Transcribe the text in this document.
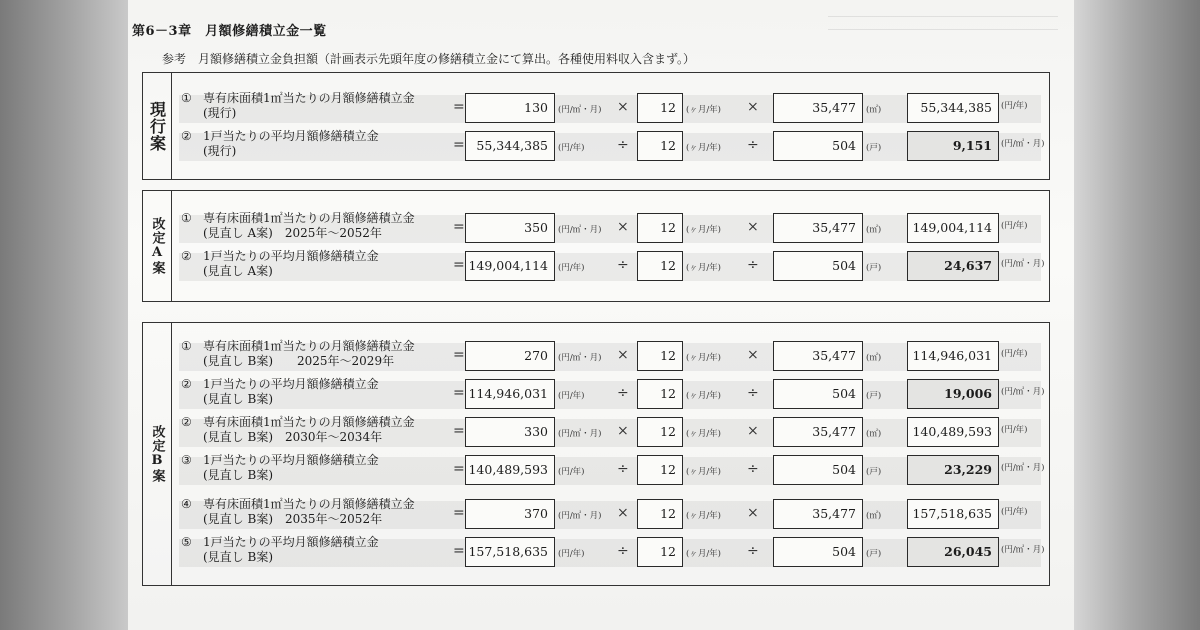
第6－3章　月額修繕積立金一覧
参考　月額修繕積立金負担額（計画表示先頭年度の修繕積立金にて算出。各種使用料収入含まず。）
現行案
① 専有床面積1㎡当たりの月額修繕積立金
(現行)	=	130	(円/㎡・月) ×	12	(ヶ月/年) ×	35,477	(㎡)	55,344,385	(円/年)
② 1戸当たりの平均月額修繕積立金
(現行)	= 55,344,385	(円/年) ÷	12	(ヶ月/年) ÷	504	(戸)	9,151	(円/㎡・月)
改定A案 ① 専有床面積1㎡当たりの月額修繕積立金
(見直し A案)　2025年～2052年	=	350	(円/㎡・月) ×	12	(ヶ月/年) ×	35,477	(㎡)	149,004,114	(円/年)
② 1戸当たりの平均月額修繕積立金
(見直し A案)	= 149,004,114	(円/年) ÷	12	(ヶ月/年) ÷	504	(戸)	24,637	(円/㎡・月)
改定B案
① 専有床面積1㎡当たりの月額修繕積立金
(見直し B案)　　2025年～2029年	=	270	(円/㎡・月) ×	12	(ヶ月/年) ×	35,477	(㎡)	114,946,031	(円/年)
② 1戸当たりの平均月額修繕積立金
(見直し B案)	= 114,946,031	(円/年) ÷	12	(ヶ月/年) ÷	504	(戸)	19,006	(円/㎡・月)
② 専有床面積1㎡当たりの月額修繕積立金
(見直し B案)　2030年～2034年	=	330	(円/㎡・月) ×	12	(ヶ月/年) ×	35,477	(㎡)	140,489,593	(円/年)
③ 1戸当たりの平均月額修繕積立金
(見直し B案)	= 140,489,593	(円/年) ÷	12	(ヶ月/年) ÷	504	(戸)	23,229	(円/㎡・月)
④ 専有床面積1㎡当たりの月額修繕積立金
(見直し B案)　2035年～2052年	=	370	(円/㎡・月) ×	12	(ヶ月/年) ×	35,477	(㎡)	157,518,635	(円/年)
⑤ 1戸当たりの平均月額修繕積立金
(見直し B案)	= 157,518,635	(円/年) ÷	12	(ヶ月/年) ÷	504	(戸)	26,045	(円/㎡・月)
